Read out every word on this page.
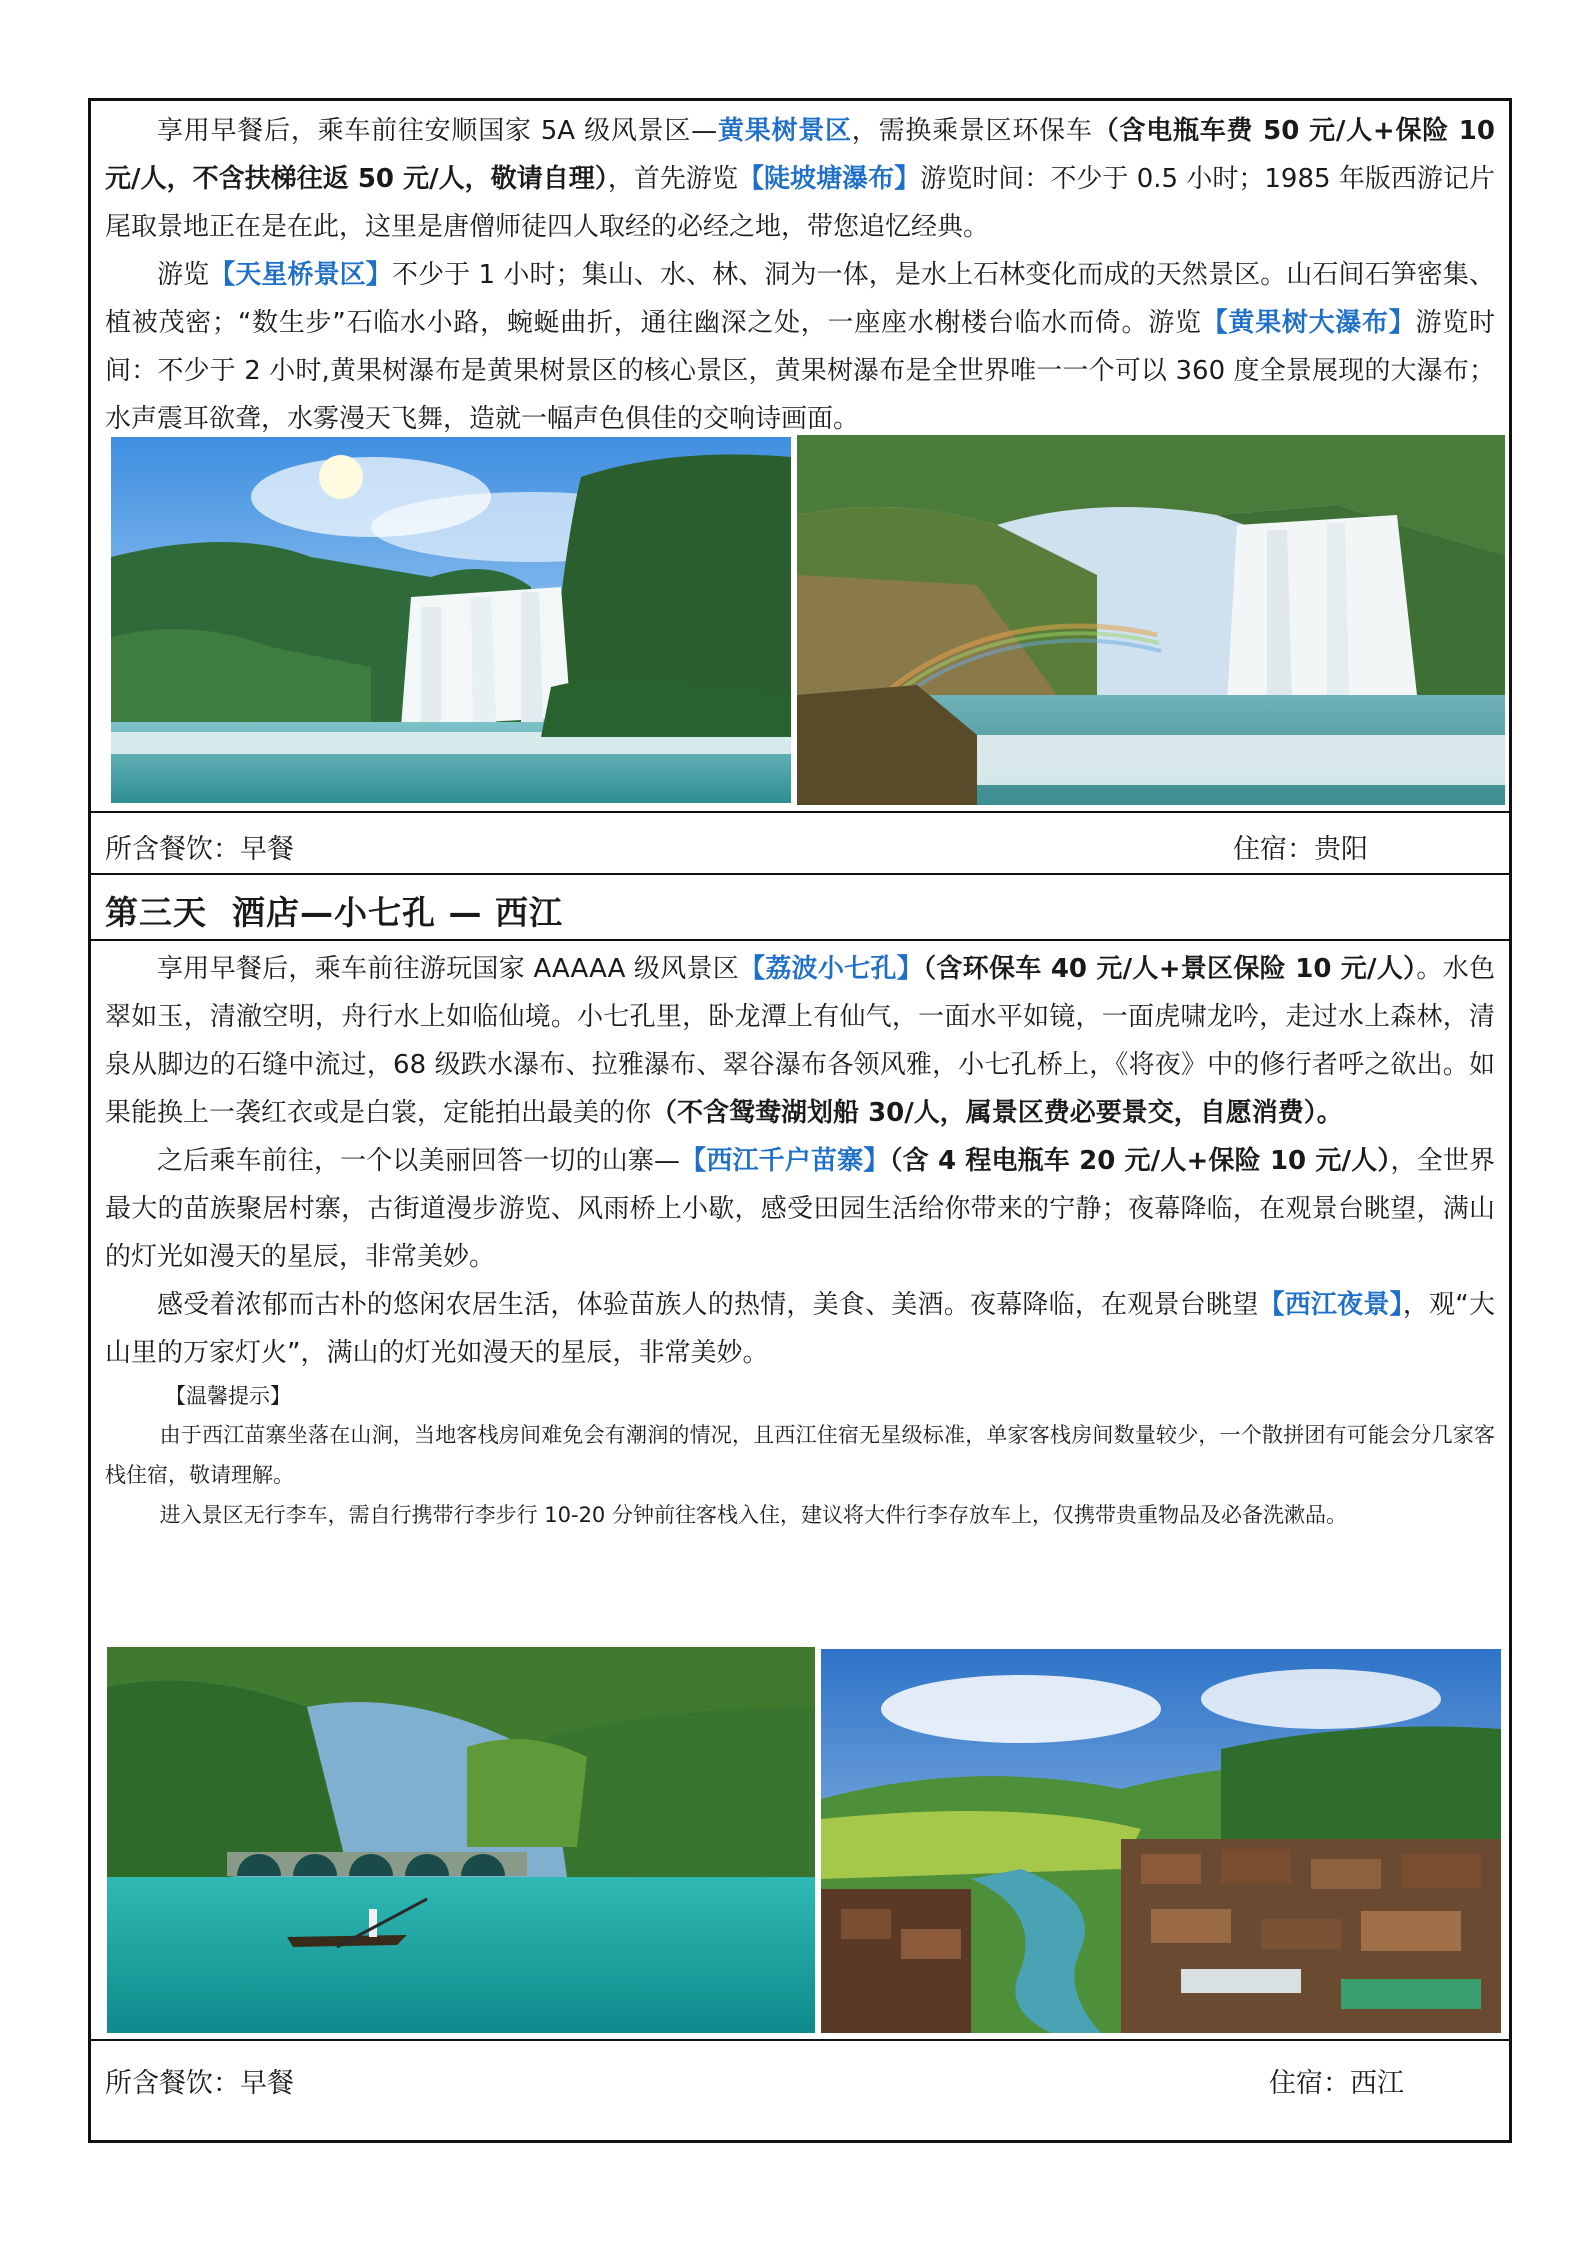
享用早餐后，乘车前往安顺国家 5A 级风景区—黄果树景区，需换乘景区环保车（含电瓶车费 50 元/人+保险 10 元/人，不含扶梯往返 50 元/人，敬请自理），首先游览【陡坡塘瀑布】游览时间：不少于 0.5 小时；1985 年版西游记片尾取景地正在是在此，这里是唐僧师徒四人取经的必经之地，带您追忆经典。

游览【天星桥景区】不少于 1 小时；集山、水、林、洞为一体，是水上石林变化而成的天然景区。山石间石笋密集、植被茂密；“数生步”石临水小路，蜿蜒曲折，通往幽深之处，一座座水榭楼台临水而倚。游览【黄果树大瀑布】游览时间：不少于 2 小时,黄果树瀑布是黄果树景区的核心景区，黄果树瀑布是全世界唯一一个可以 360 度全景展现的大瀑布；水声震耳欲聋，水雾漫天飞舞，造就一幅声色俱佳的交响诗画面。

所含餐饮：早餐	住宿：贵阳
第三天  酒店—小七孔 — 西江

享用早餐后，乘车前往游玩国家 AAAAA 级风景区【荔波小七孔】（含环保车 40 元/人+景区保险 10 元/人）。水色翠如玉，清澈空明，舟行水上如临仙境。小七孔里，卧龙潭上有仙气，一面水平如镜，一面虎啸龙吟，走过水上森林，清泉从脚边的石缝中流过，68 级跌水瀑布、拉雅瀑布、翠谷瀑布各领风雅，小七孔桥上，《将夜》中的修行者呼之欲出。如果能换上一袭红衣或是白裳，定能拍出最美的你（不含鸳鸯湖划船 30/人，属景区费必要景交，自愿消费）。

之后乘车前往，一个以美丽回答一切的山寨—【西江千户苗寨】（含 4 程电瓶车 20 元/人+保险 10 元/人），全世界最大的苗族聚居村寨，古街道漫步游览、风雨桥上小歇，感受田园生活给你带来的宁静；夜幕降临，在观景台眺望，满山的灯光如漫天的星辰，非常美妙。

感受着浓郁而古朴的悠闲农居生活，体验苗族人的热情，美食、美酒。夜幕降临，在观景台眺望【西江夜景】，观“大山里的万家灯火”，满山的灯光如漫天的星辰，非常美妙。

【温馨提示】

由于西江苗寨坐落在山涧，当地客栈房间难免会有潮润的情况，且西江住宿无星级标准，单家客栈房间数量较少，一个散拼团有可能会分几家客栈住宿，敬请理解。

进入景区无行李车，需自行携带行李步行 10-20 分钟前往客栈入住，建议将大件行李存放车上，仅携带贵重物品及必备洗漱品。

所含餐饮：早餐	住宿：西江
